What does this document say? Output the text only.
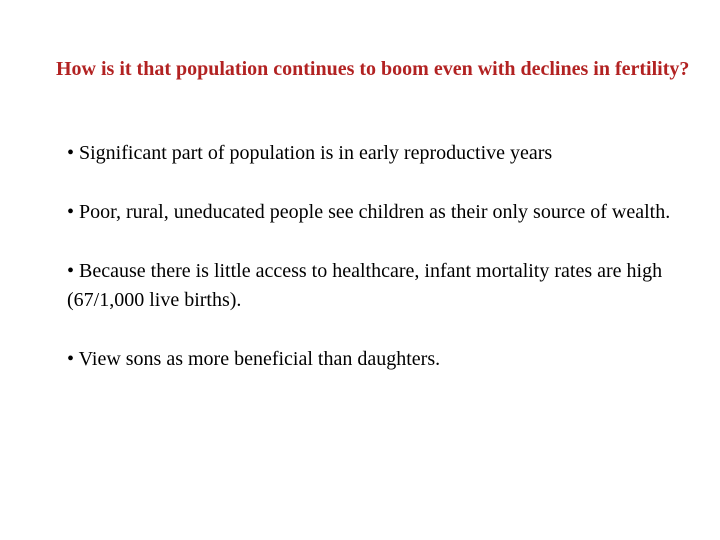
How is it that population continues to boom even with declines in fertility?

• Significant part of population is in early reproductive years
• Poor, rural, uneducated people see children as their only source of wealth.
• Because there is little access to healthcare, infant mortality rates are high (67/1,000 live births).
• View sons as more beneficial than daughters.
